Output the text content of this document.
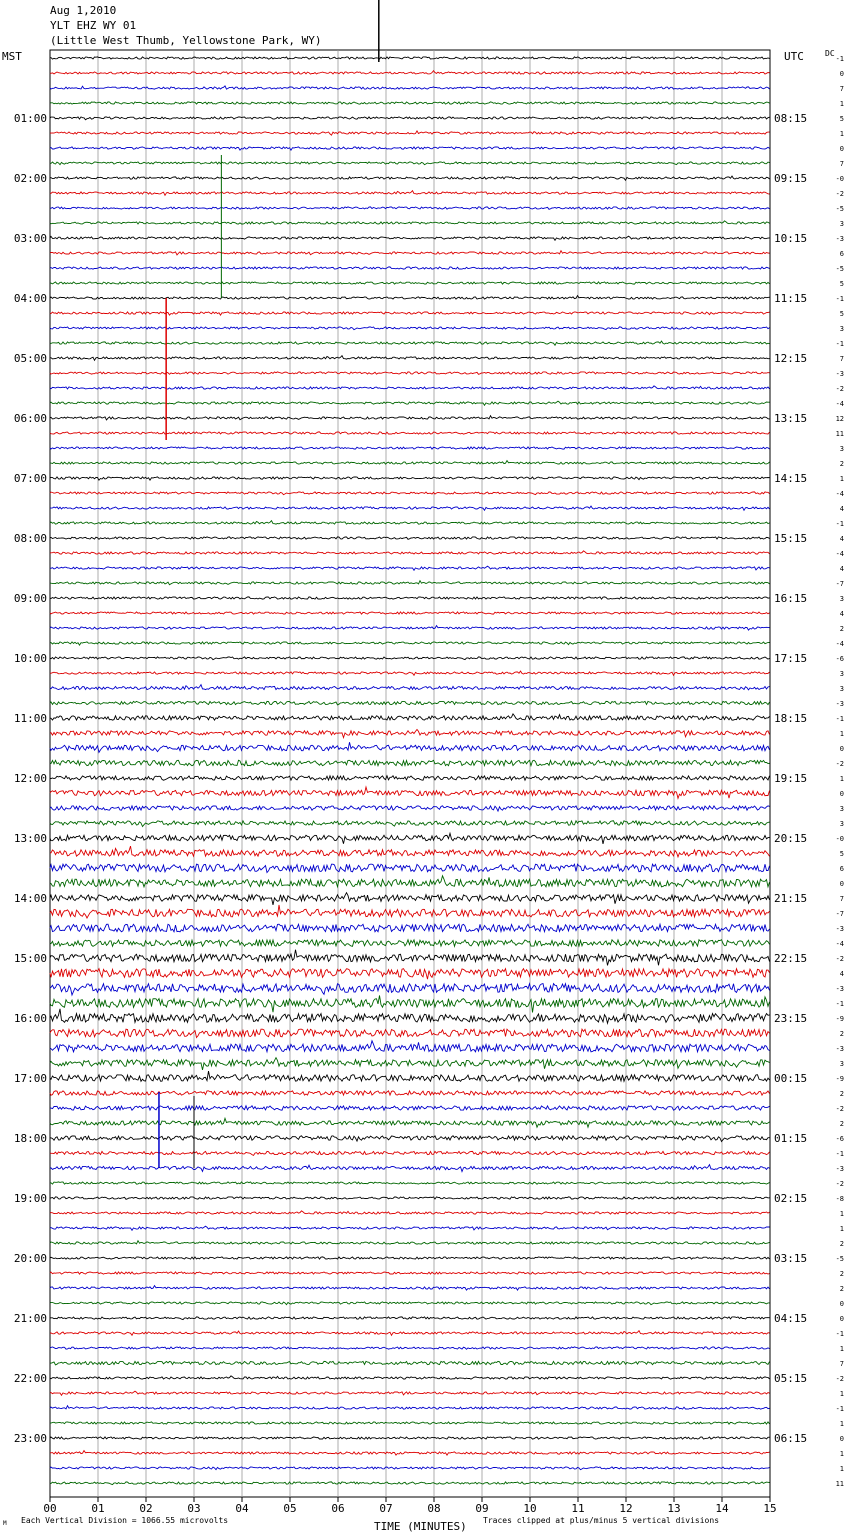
Aug 1,2010
YLT EHZ WY 01
(Little West Thumb, Yellowstone Park, WY)
MST	UTC	DC
00	01	02	03	04	05	06	07	08	09	10	11	12	13	14	15
01:00
02:00
03:00
04:00
05:00
06:00
07:00
08:00
09:00
10:00
11:00
12:00
13:00
14:00
15:00
16:00
17:00
18:00
19:00
20:00
21:00
22:00
23:00
08:15
09:15
10:15
11:15
12:15
13:15
14:15
15:15
16:15
17:15
18:15
19:15
20:15
21:15
22:15
23:15
00:15
01:15
02:15
03:15
04:15
05:15
06:15
-1
0
7
1
5
1
0
7
-0
-2
-5
3
-3
6
-5
5
-1
5
3
-1
7
-3
-2
-4
12
11
3
2
1
-4
4
-1
4
-4
4
-7
3
4
2
-4
-6
3
3
-3
-1
1
0
-2
1
0
3
3
-0
5
6
0
7
-7
-3
-4
-2
4
-3
-1
-9
2
-3
3
-9
2
-2
2
-6
-1
-3
-2
-8
1
1
2
-5
2
2
0
0
-1
1
7
-2
1
-1
1
0
1
1
11
TIME (MINUTES)
Each Vertical Division = 1066.55 microvolts	Traces clipped at plus/minus 5 vertical divisions
M
